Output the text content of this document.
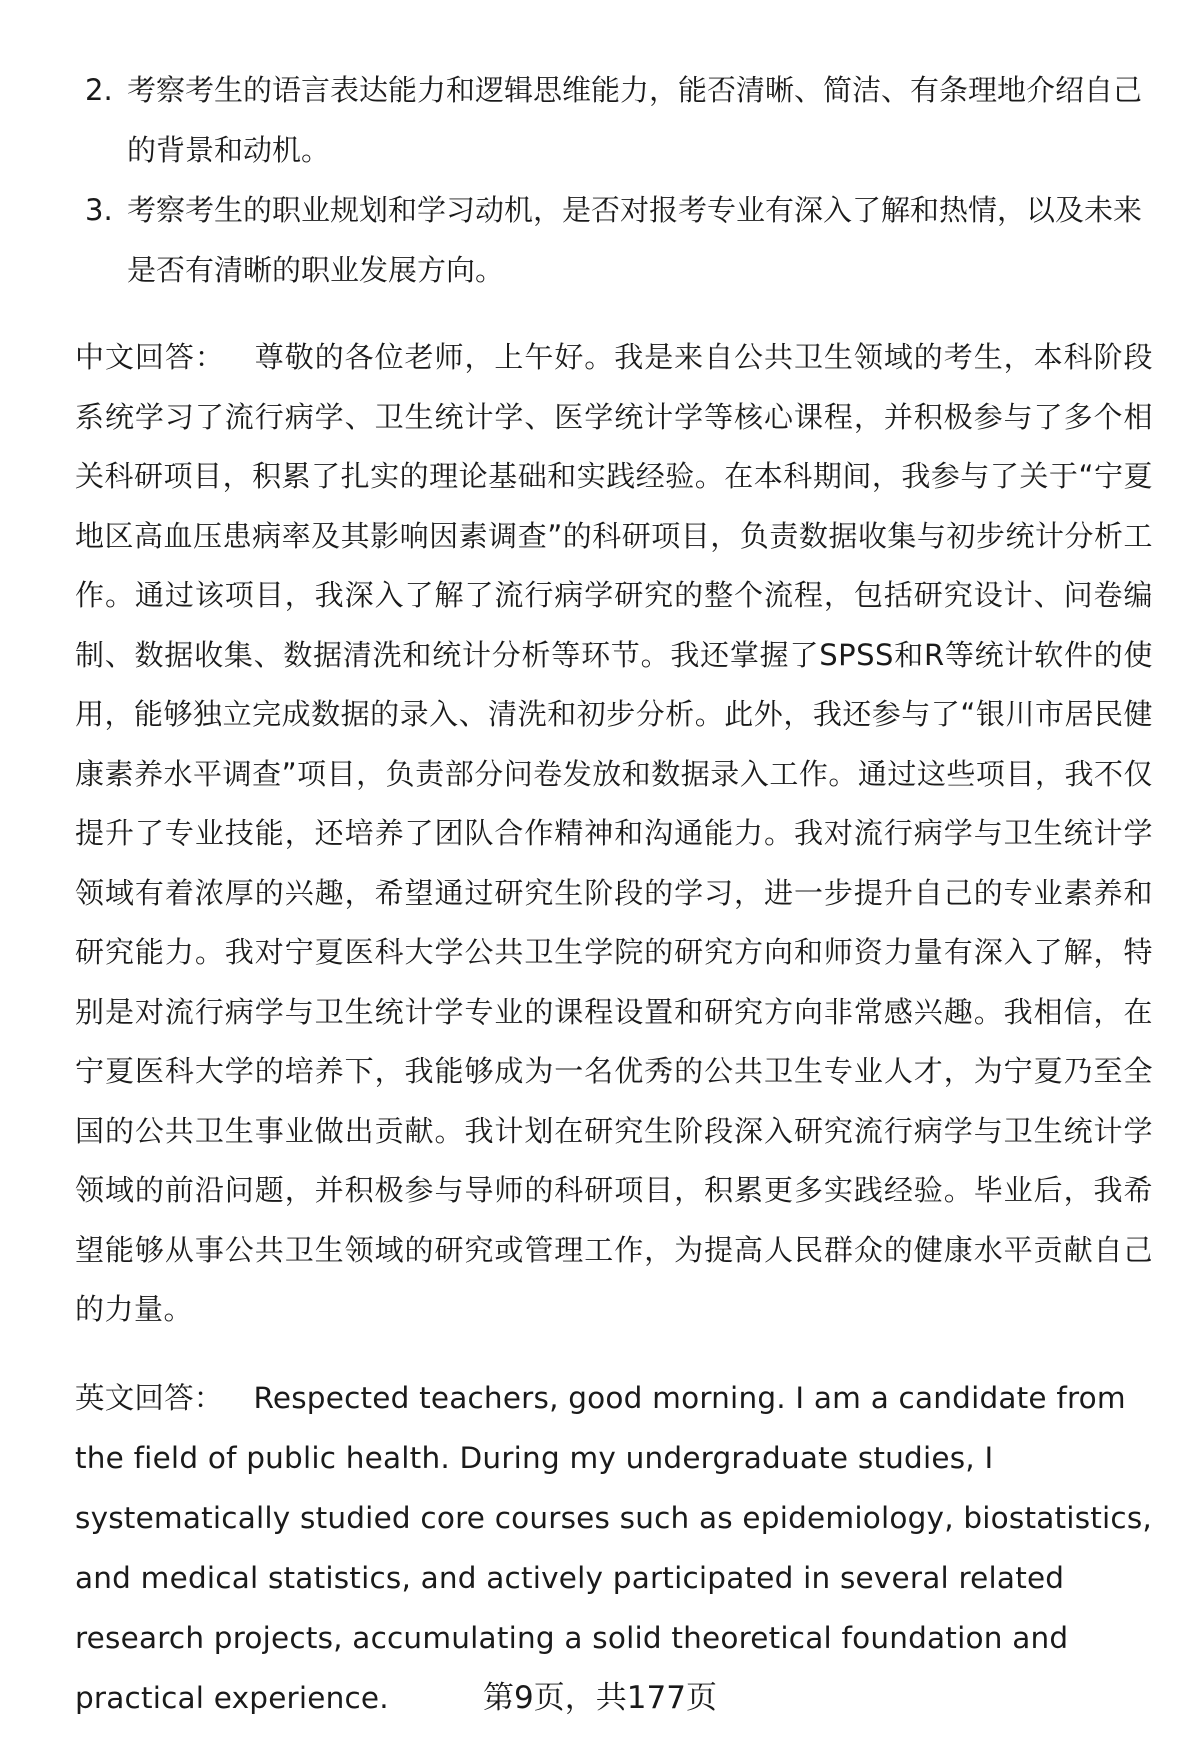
2. 考察考生的语言表达能力和逻辑思维能力，能否清晰、简洁、有条理地介绍自己的背景和动机。
3. 考察考生的职业规划和学习动机，是否对报考专业有深入了解和热情，以及未来是否有清晰的职业发展方向。
中文回答： 尊敬的各位老师，上午好。我是来自公共卫生领域的考生，本科阶段系统学习了流行病学、卫生统计学、医学统计学等核心课程，并积极参与了多个相关科研项目，积累了扎实的理论基础和实践经验。在本科期间，我参与了关于“宁夏地区高血压患病率及其影响因素调查”的科研项目，负责数据收集与初步统计分析工作。通过该项目，我深入了解了流行病学研究的整个流程，包括研究设计、问卷编制、数据收集、数据清洗和统计分析等环节。我还掌握了SPSS和R等统计软件的使用，能够独立完成数据的录入、清洗和初步分析。此外，我还参与了“银川市居民健康素养水平调查”项目，负责部分问卷发放和数据录入工作。通过这些项目，我不仅提升了专业技能，还培养了团队合作精神和沟通能力。我对流行病学与卫生统计学领域有着浓厚的兴趣，希望通过研究生阶段的学习，进一步提升自己的专业素养和研究能力。我对宁夏医科大学公共卫生学院的研究方向和师资力量有深入了解，特别是对流行病学与卫生统计学专业的课程设置和研究方向非常感兴趣。我相信，在宁夏医科大学的培养下，我能够成为一名优秀的公共卫生专业人才，为宁夏乃至全国的公共卫生事业做出贡献。我计划在研究生阶段深入研究流行病学与卫生统计学领域的前沿问题，并积极参与导师的科研项目，积累更多实践经验。毕业后，我希望能够从事公共卫生领域的研究或管理工作，为提高人民群众的健康水平贡献自己的力量。
英文回答： Respected teachers, good morning. I am a candidate from the field of public health. During my undergraduate studies, I systematically studied core courses such as epidemiology, biostatistics, and medical statistics, and actively participated in several related research projects, accumulating a solid theoretical foundation and practical experience.	第9页，共177页
